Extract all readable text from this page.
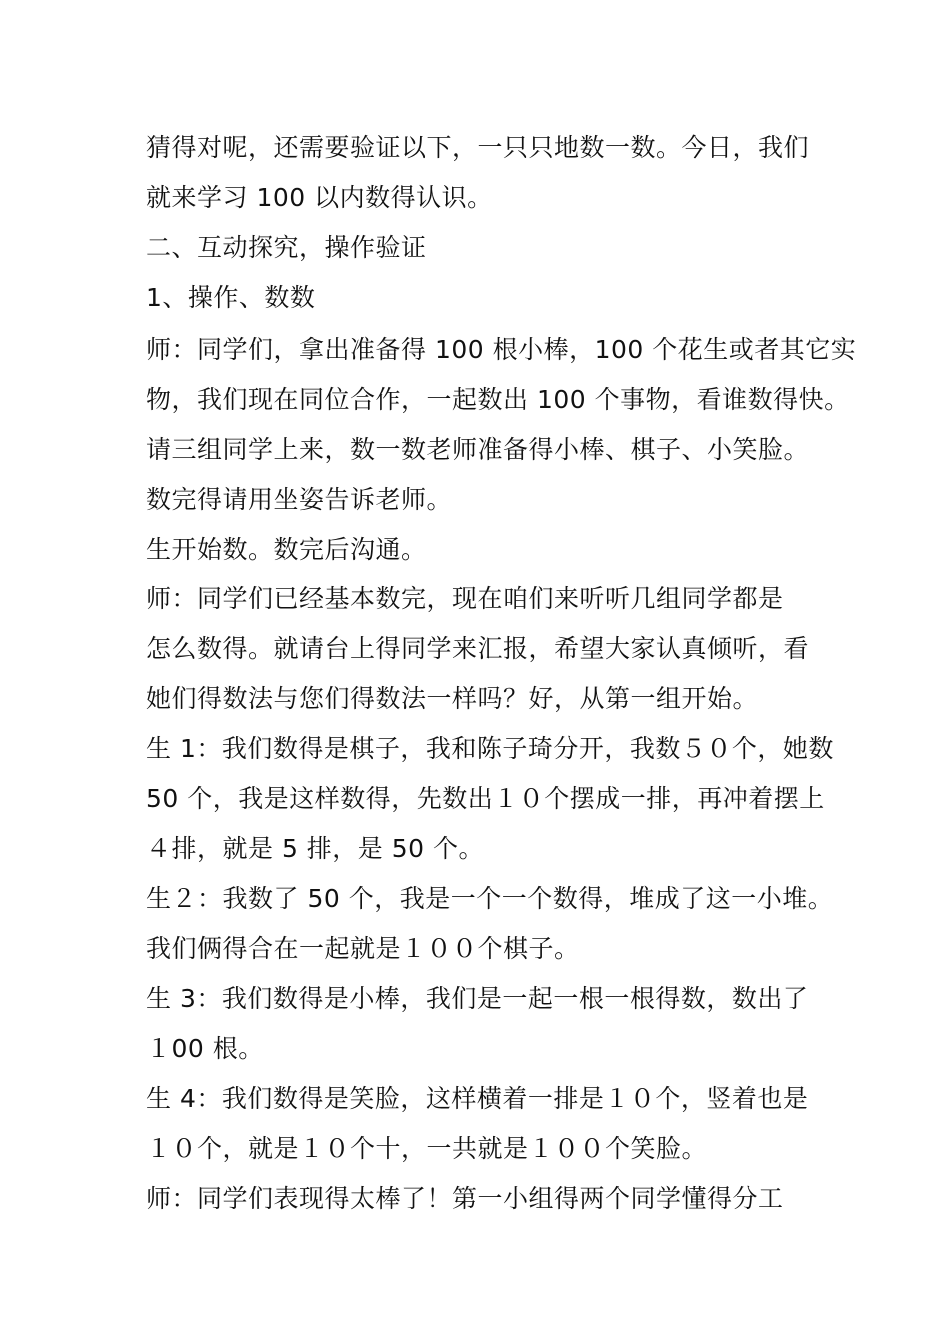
猜得对呢，还需要验证以下，一只只地数一数。今日，我们
就来学习 100 以内数得认识。
二、互动探究，操作验证
1、操作、数数
师：同学们，拿出准备得 100 根小棒，100 个花生或者其它实
物，我们现在同位合作，一起数出 100 个事物，看谁数得快。
请三组同学上来，数一数老师准备得小棒、棋子、小笑脸。
数完得请用坐姿告诉老师。
生开始数。数完后沟通。
师：同学们已经基本数完，现在咱们来听听几组同学都是
怎么数得。就请台上得同学来汇报，希望大家认真倾听，看
她们得数法与您们得数法一样吗？好，从第一组开始。
生 1：我们数得是棋子，我和陈子琦分开，我数５０个，她数
50 个，我是这样数得，先数出１０个摆成一排，再冲着摆上
４排，就是 5 排，是 50 个。
生２：我数了 50 个，我是一个一个数得，堆成了这一小堆。
我们俩得合在一起就是１００个棋子。
生 3：我们数得是小棒，我们是一起一根一根得数，数出了
１00 根。
生 4：我们数得是笑脸，这样横着一排是１０个，竖着也是
１０个，就是１０个十，一共就是１００个笑脸。
师：同学们表现得太棒了！第一小组得两个同学懂得分工
